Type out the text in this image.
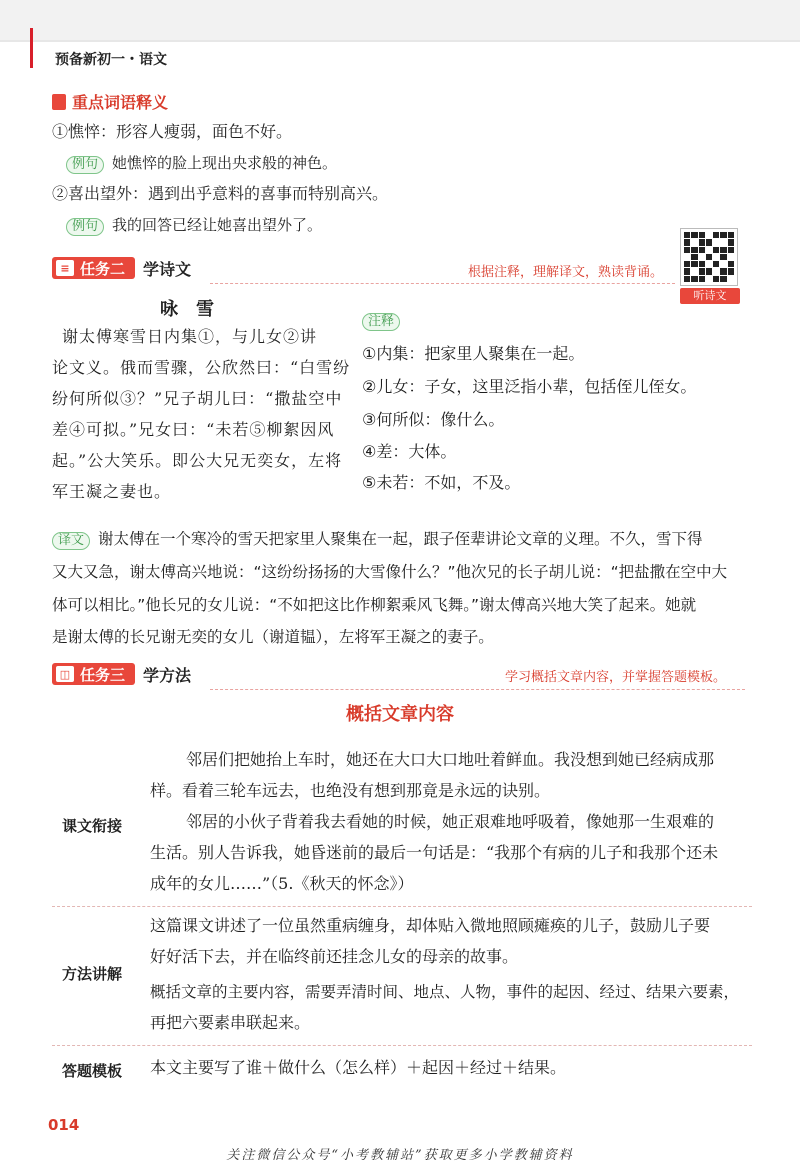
预备新初一・语文
重点词语释义
①憔悴：形容人瘦弱，面色不好。
例句 她憔悴的脸上现出央求般的神色。
②喜出望外：遇到出乎意料的喜事而特别高兴。
例句 我的回答已经让她喜出望外了。
≡ 任务二 学诗文	根据注释，理解译文，熟读背诵。
听诗文
咏雪
谢太傅寒雪日内集①，与儿女②讲
论文义。俄而雪骤，公欣然曰：“白雪纷
纷何所似③？”兄子胡儿曰：“撒盐空中
差④可拟。”兄女曰：“未若⑤柳絮因风
起。”公大笑乐。即公大兄无奕女，左将
军王凝之妻也。
注释
①内集：把家里人聚集在一起。
②儿女：子女，这里泛指小辈，包括侄儿侄女。
③何所似：像什么。
④差：大体。
⑤未若：不如，不及。
译文 谢太傅在一个寒冷的雪天把家里人聚集在一起，跟子侄辈讲论文章的义理。不久，雪下得
又大又急，谢太傅高兴地说：“这纷纷扬扬的大雪像什么？”他次兄的长子胡儿说：“把盐撒在空中大
体可以相比。”他长兄的女儿说：“不如把这比作柳絮乘风飞舞。”谢太傅高兴地大笑了起来。她就
是谢太傅的长兄谢无奕的女儿（谢道韫），左将军王凝之的妻子。
◫ 任务三 学方法	学习概括文章内容，并掌握答题模板。
概括文章内容
课文衔接
邻居们把她抬上车时，她还在大口大口地吐着鲜血。我没想到她已经病成那
样。看着三轮车远去，也绝没有想到那竟是永远的诀别。
邻居的小伙子背着我去看她的时候，她正艰难地呼吸着，像她那一生艰难的
生活。别人告诉我，她昏迷前的最后一句话是：“我那个有病的儿子和我那个还未
成年的女儿……”（5.《秋天的怀念》）
方法讲解
这篇课文讲述了一位虽然重病缠身，却体贴入微地照顾瘫痪的儿子，鼓励儿子要
好好活下去，并在临终前还挂念儿女的母亲的故事。
概括文章的主要内容，需要弄清时间、地点、人物，事件的起因、经过、结果六要素，
再把六要素串联起来。
答题模板 本文主要写了谁＋做什么（怎么样）＋起因＋经过＋结果。
014
关注微信公众号“小考教辅站”获取更多小学教辅资料
